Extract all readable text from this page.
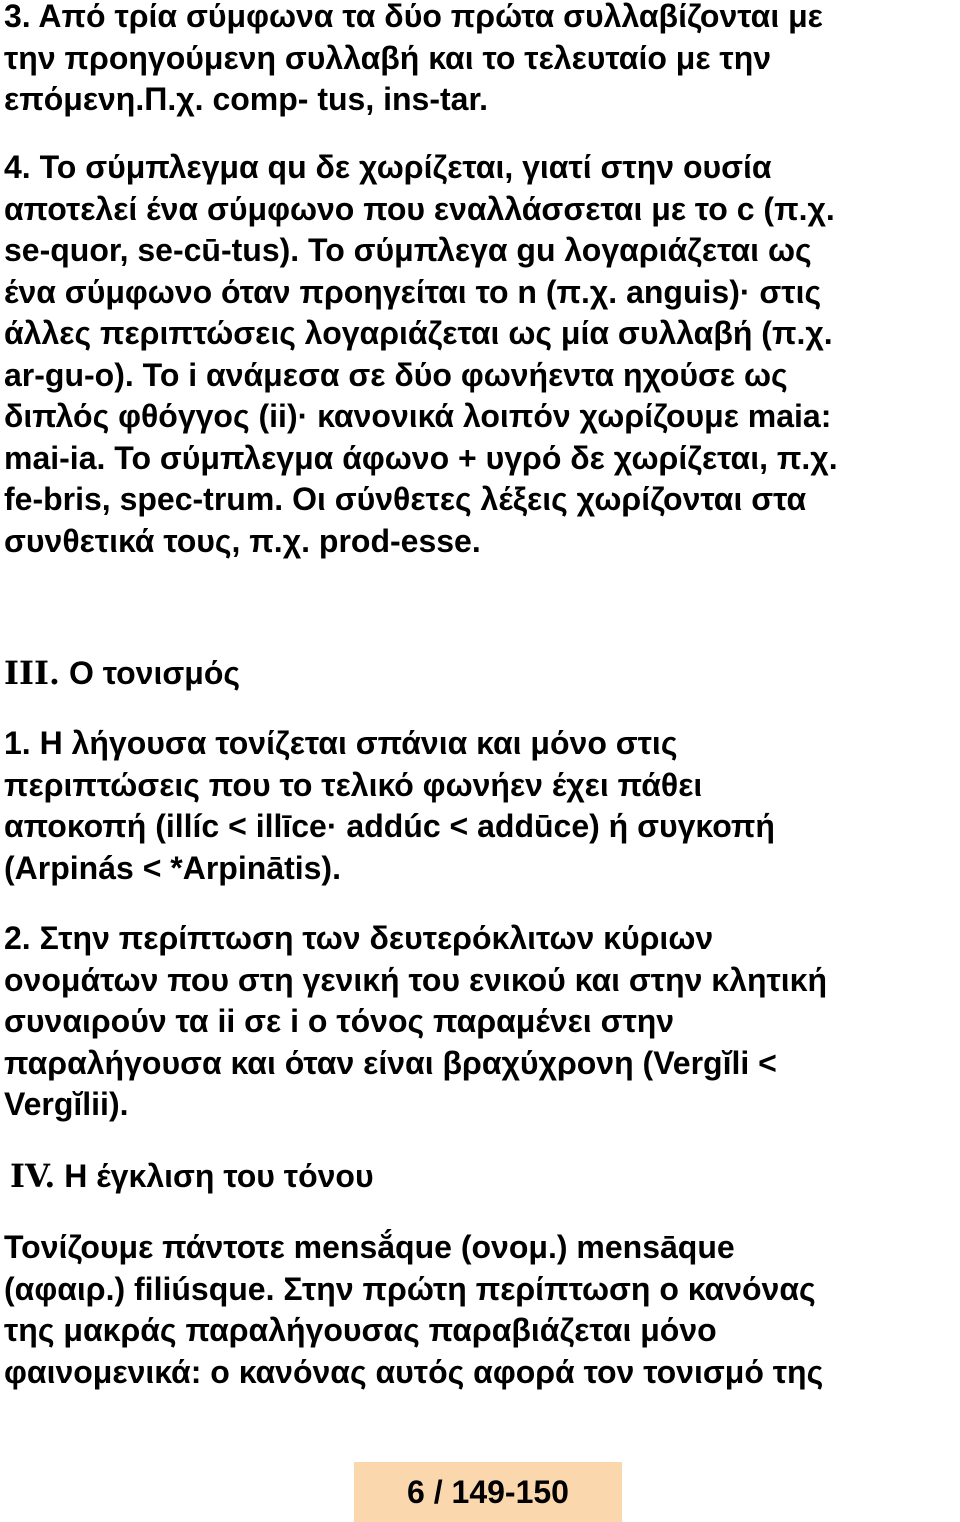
3. Από τρία σύμφωνα τα δύο πρώτα συλλαβίζονται με
την προηγούμενη συλλαβή και το τελευταίο με την
επόμενη.Π.χ. comp- tus, ins-tar.

4. Το σύμπλεγμα qu δε χωρίζεται, γιατί στην ουσία
αποτελεί ένα σύμφωνο που εναλλάσσεται με το c (π.χ.
se-quor, se-cū-tus). Το σύμπλεγα gu λογαριάζεται ως
ένα σύμφωνο όταν προηγείται το n (π.χ. anguis)· στις
άλλες περιπτώσεις λογαριάζεται ως μία συλλαβή (π.χ.
ar-gu-o). Το i ανάμεσα σε δύο φωνήεντα ηχούσε ως
διπλός φθόγγος (ii)· κανονικά λοιπόν χωρίζουμε maia:
mai-ia. Το σύμπλεγμα άφωνο + υγρό δε χωρίζεται, π.χ.
fe-bris, spec-trum. Οι σύνθετες λέξεις χωρίζονται στα
συνθετικά τους, π.χ. prod-esse.

III. Ο τονισμός

1. Η λήγουσα τονίζεται σπάνια και μόνο στις
περιπτώσεις που το τελικό φωνήεν έχει πάθει
αποκοπή (illíc < illīce· addúc < addūce) ή συγκοπή
(Arpinás < *Arpinātis).

2. Στην περίπτωση των δευτερόκλιτων κύριων
ονομάτων που στη γενική του ενικού και στην κλητική
συναιρούν τα ii σε i ο τόνος παραμένει στην
παραλήγουσα και όταν είναι βραχύχρονη (Vergĭli <
Vergĭlii).

IV. Η έγκλιση του τόνου

Τονίζουμε πάντοτε mensắque (ονομ.) mensāque
(αφαιρ.) filiúsque. Στην πρώτη περίπτωση ο κανόνας
της μακράς παραλήγουσας παραβιάζεται μόνο
φαινομενικά: ο κανόνας αυτός αφορά τον τονισμό της

6 / 149-150
